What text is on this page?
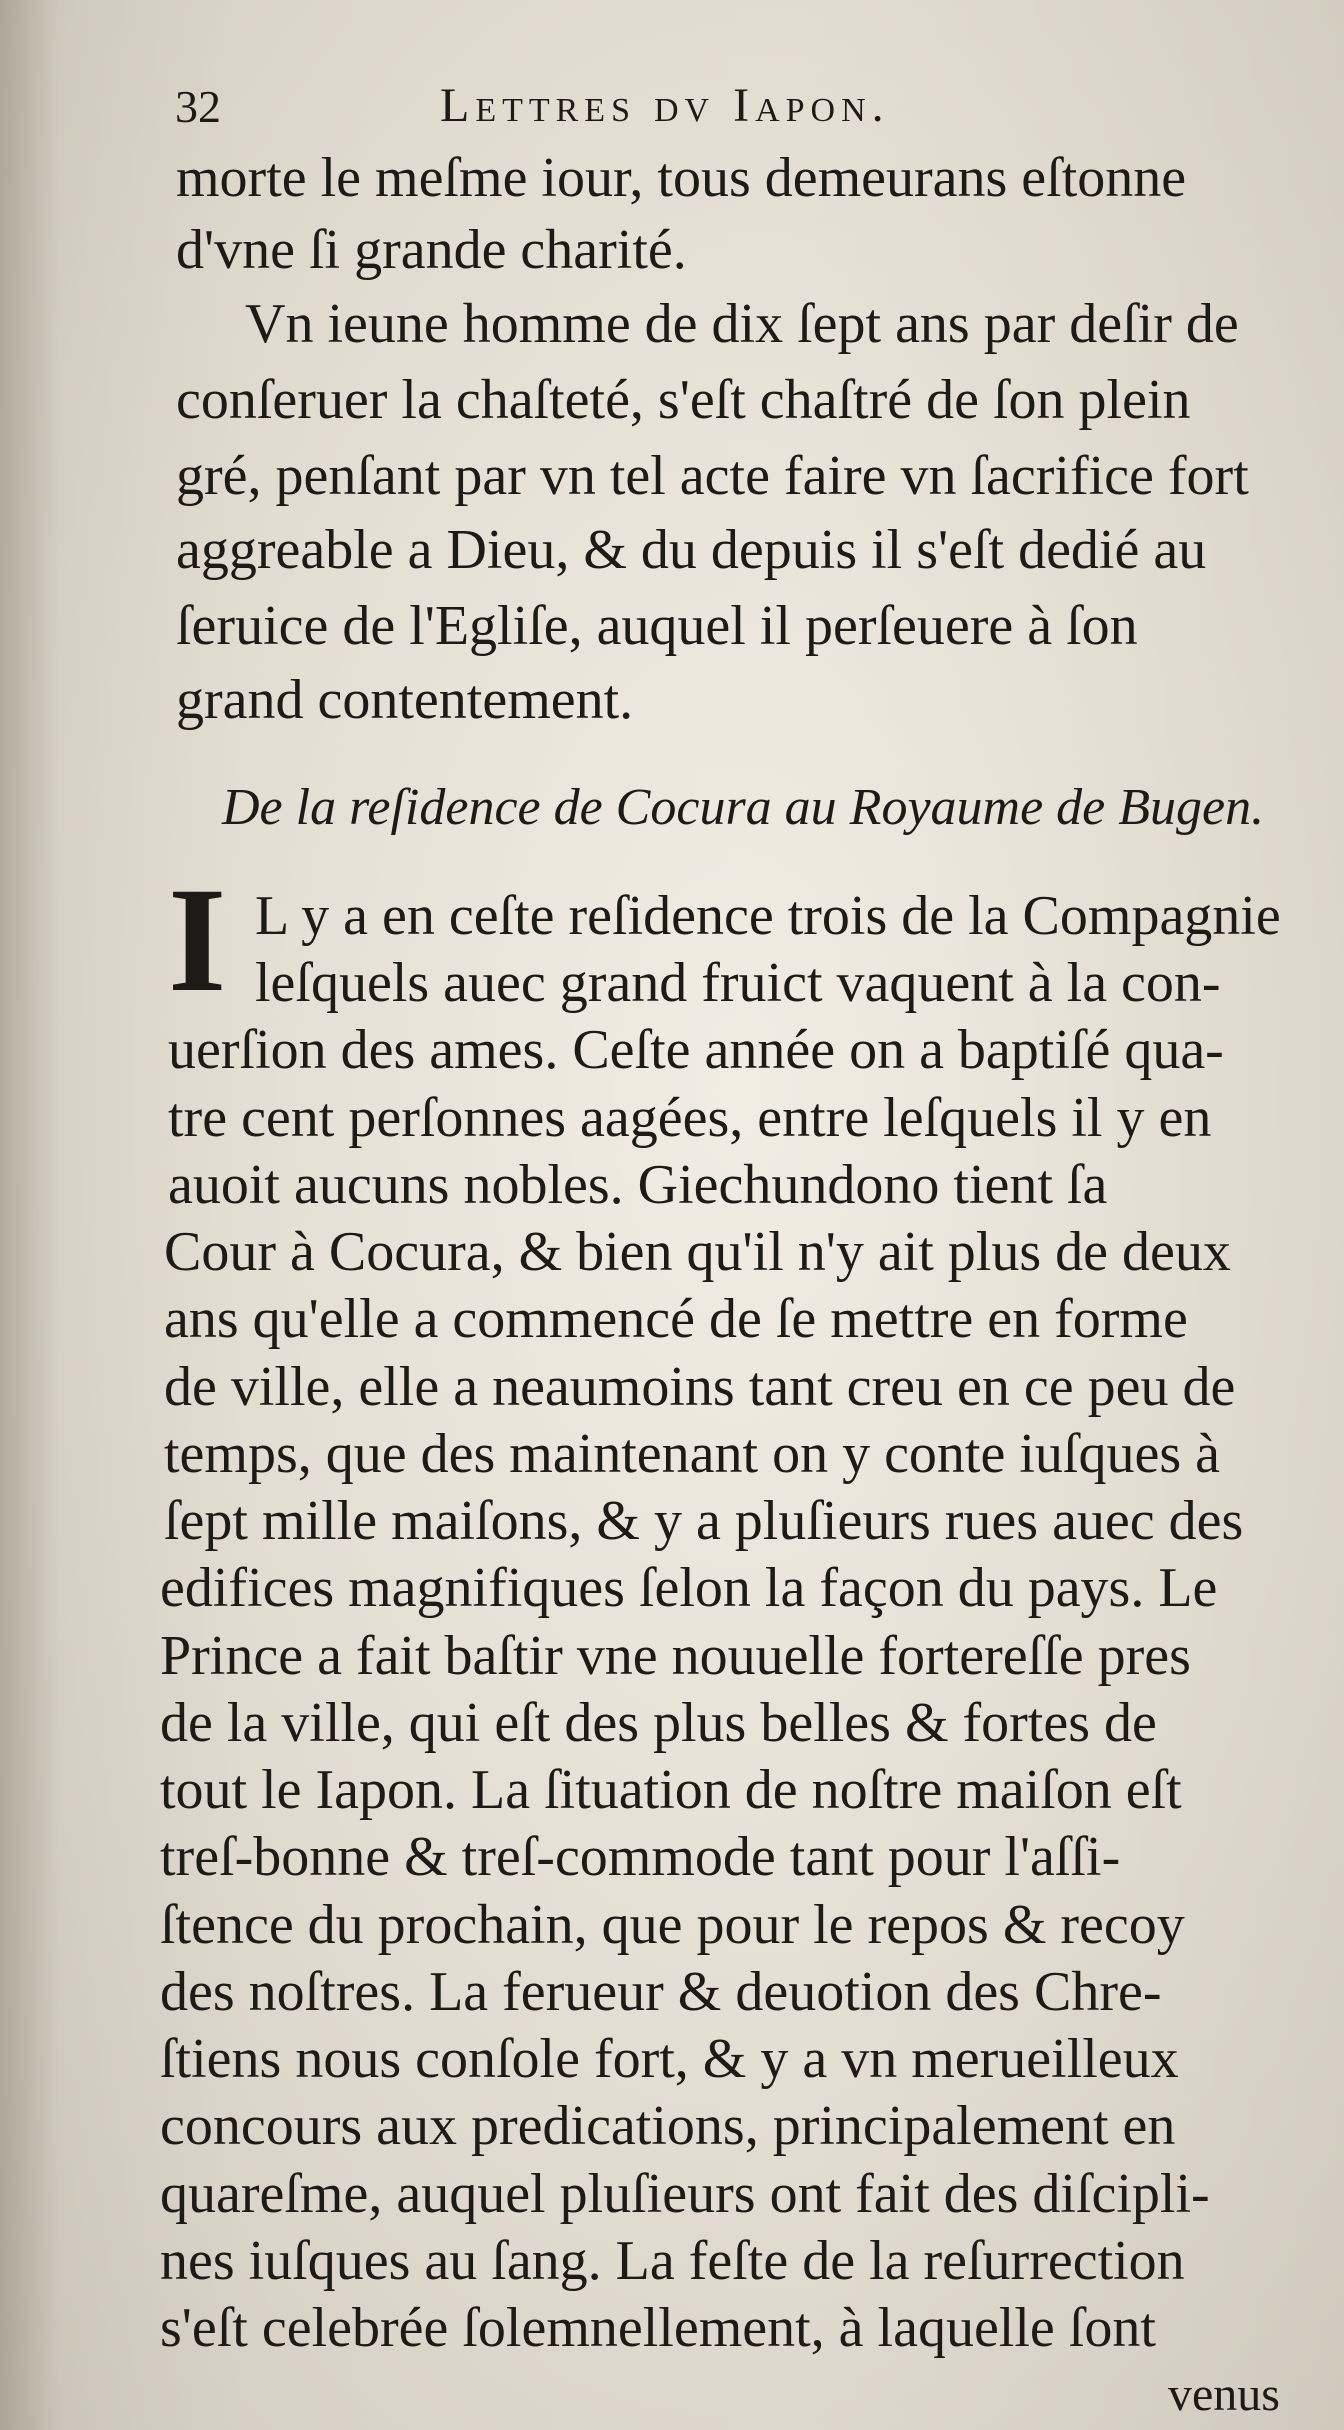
32	Lettres dv Iapon.
morte le meſme iour, tous demeurans eſtonne
d'vne ſi grande charité.
Vn ieune homme de dix ſept ans par deſir de
conſeruer la chaſteté, s'eſt chaſtré de ſon plein
gré, penſant par vn tel acte faire vn ſacrifice fort
aggreable a Dieu, & du depuis il s'eſt dedié au
ſeruice de l'Egliſe, auquel il perſeuere à ſon
grand contentement.
De la reſidence de Cocura au Royaume de Bugen.
I L y a en ceſte reſidence trois de la Compagnie
leſquels auec grand fruict vaquent à la con-
uerſion des ames. Ceſte année on a baptiſé qua-
tre cent perſonnes aagées, entre leſquels il y en
auoit aucuns nobles. Giechundono tient ſa
Cour à Cocura, & bien qu'il n'y ait plus de deux
ans qu'elle a commencé de ſe mettre en forme
de ville, elle a neaumoins tant creu en ce peu de
temps, que des maintenant on y conte iuſques à
ſept mille maiſons, & y a pluſieurs rues auec des
edifices magnifiques ſelon la façon du pays. Le
Prince a fait baſtir vne nouuelle fortereſſe pres
de la ville, qui eſt des plus belles & fortes de
tout le Iapon. La ſituation de noſtre maiſon eſt
treſ-bonne & treſ-commode tant pour l'aſſi-
ſtence du prochain, que pour le repos & recoy
des noſtres. La ferueur & deuotion des Chre-
ſtiens nous conſole fort, & y a vn merueilleux
concours aux predications, principalement en
quareſme, auquel pluſieurs ont fait des diſcipli-
nes iuſques au ſang. La feſte de la reſurrection
s'eſt celebrée ſolemnellement, à laquelle ſont
venus
